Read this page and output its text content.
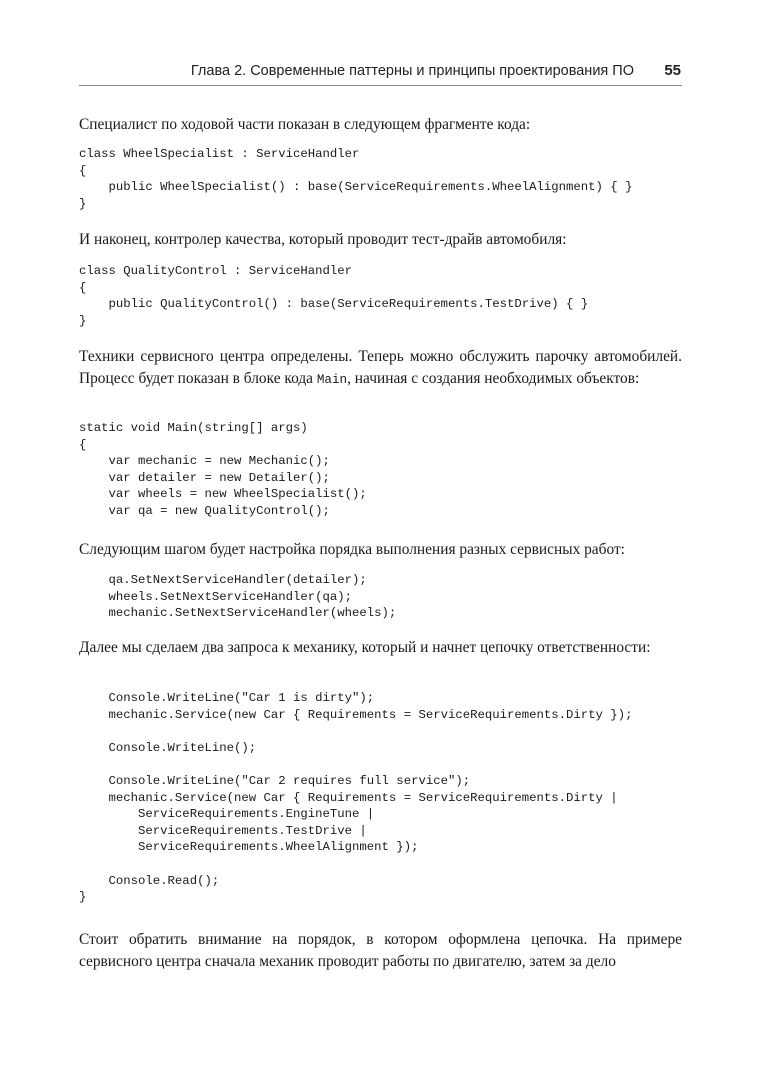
Глава 2. Современные паттерны и принципы проектирования ПО 55

Специалист по ходовой части показан в следующем фрагменте кода:

class WheelSpecialist : ServiceHandler
{
public WheelSpecialist() : base(ServiceRequirements.WheelAlignment) { }
}

И наконец, контролер качества, который проводит тест-драйв автомобиля:

class QualityControl : ServiceHandler
{
public QualityControl() : base(ServiceRequirements.TestDrive) { }
}

Техники сервисного центра определены. Теперь можно обслужить парочку автомобилей. Процесс будет показан в блоке кода Main, начиная с создания необходимых объектов:

static void Main(string[] args)
{
var mechanic = new Mechanic();
var detailer = new Detailer();
var wheels = new WheelSpecialist();
var qa = new QualityControl();

Следующим шагом будет настройка порядка выполнения разных сервисных работ:

qa.SetNextServiceHandler(detailer);
wheels.SetNextServiceHandler(qa);
mechanic.SetNextServiceHandler(wheels);

Далее мы сделаем два запроса к механику, который и начнет цепочку ответственности:

Console.WriteLine("Car 1 is dirty");
mechanic.Service(new Car { Requirements = ServiceRequirements.Dirty });
Console.WriteLine();
Console.WriteLine("Car 2 requires full service");
mechanic.Service(new Car { Requirements = ServiceRequirements.Dirty |
ServiceRequirements.EngineTune |
ServiceRequirements.TestDrive |
ServiceRequirements.WheelAlignment });
Console.Read();
}

Стоит обратить внимание на порядок, в котором оформлена цепочка. На примере сервисного центра сначала механик проводит работы по двигателю, затем за дело
